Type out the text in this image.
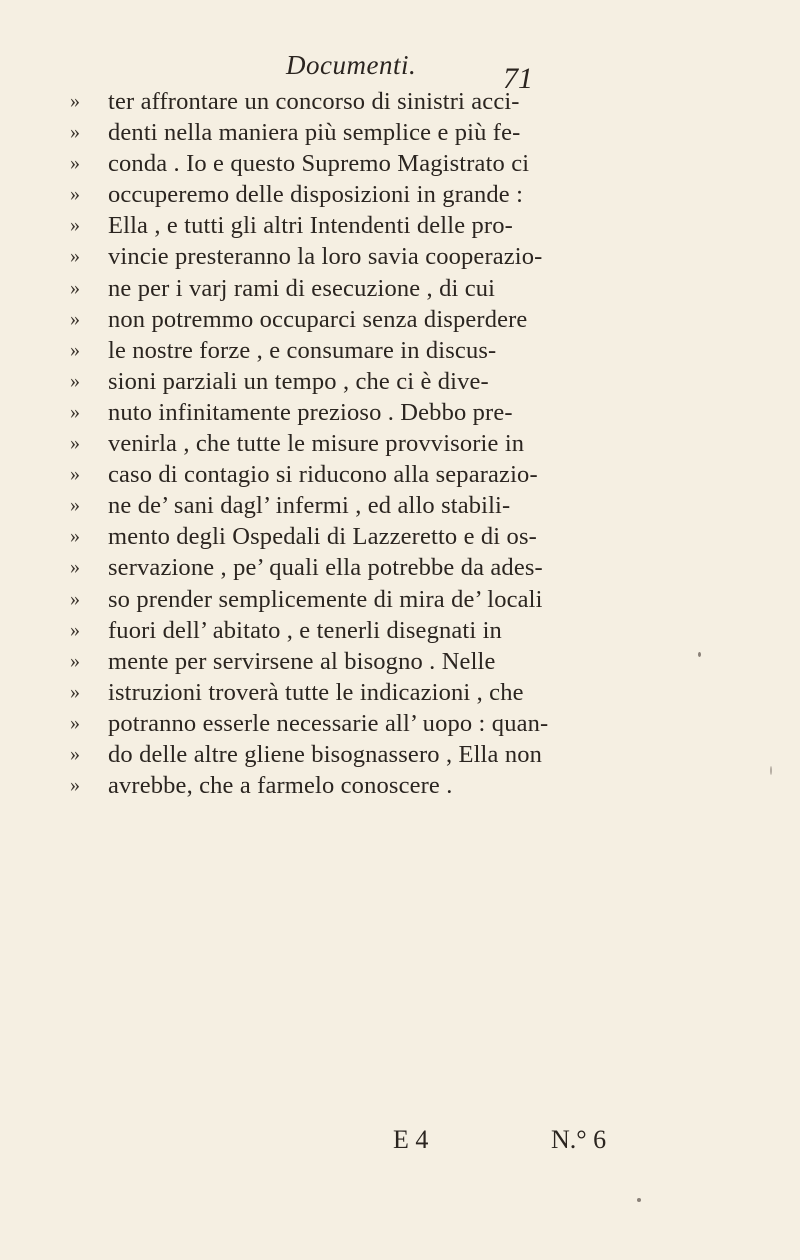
Documenti.	71
»	ter affrontare un concorso di sinistri acci-
»	denti nella maniera più semplice e più fe-
»	conda . Io e questo Supremo Magistrato ci
»	occuperemo delle disposizioni in grande :
»	Ella , e tutti gli altri Intendenti delle pro-
»	vincie presteranno la loro savia cooperazio-
»	ne per i varj rami di esecuzione , di cui
»	non potremmo occuparci senza disperdere
»	le nostre forze , e consumare in discus-
»	sioni parziali un tempo , che ci è dive-
»	nuto infinitamente prezioso . Debbo pre-
»	venirla , che tutte le misure provvisorie in
»	caso di contagio si riducono alla separazio-
»	ne de’ sani dagl’ infermi , ed allo stabili-
»	mento degli Ospedali di Lazzeretto e di os-
»	servazione , pe’ quali ella potrebbe da ades-
»	so prender semplicemente di mira de’ locali
»	fuori dell’ abitato , e tenerli disegnati in
»	mente per servirsene al bisogno . Nelle
»	istruzioni troverà tutte le indicazioni , che
»	potranno esserle necessarie all’ uopo : quan-
»	do delle altre gliene bisognassero , Ella non
»	avrebbe, che a farmelo conoscere .
E 4	N.° 6
